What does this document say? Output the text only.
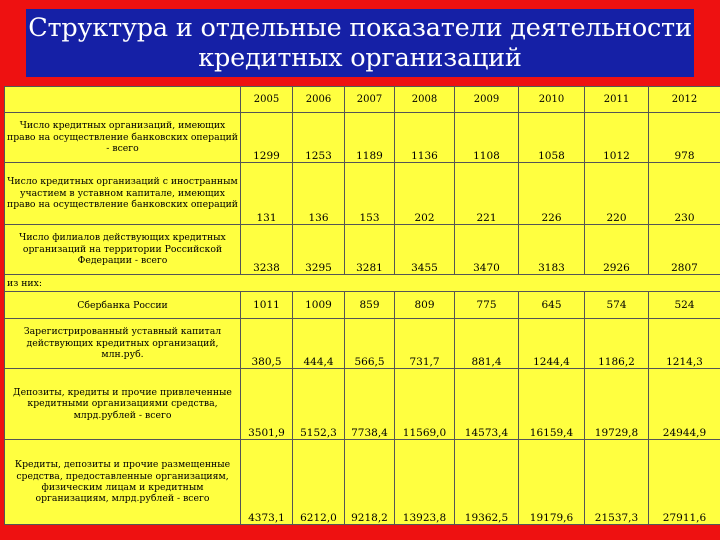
Структура и отдельные показатели деятельности кредитных организаций
	2005	2006	2007	2008	2009	2010	2011	2012
Число кредитных организаций, имеющих право на осуществление банковских операций - всего	1299	1253	1189	1136	1108	1058	1012	978
Число кредитных организаций с иностранным участием в уставном капитале, имеющих право на осуществление банковских операций	131	136	153	202	221	226	220	230
Число филиалов действующих кредитных организаций на территории Российской Федерации - всего	3238	3295	3281	3455	3470	3183	2926	2807
из них:								
Сбербанка России	1011	1009	859	809	775	645	574	524
Зарегистрированный уставный капитал действующих кредитных организаций, млн.руб.	380,5	444,4	566,5	731,7	881,4	1244,4	1186,2	1214,3
Депозиты, кредиты и прочие привлеченные кредитными организациями средства, млрд.рублей - всего	3501,9	5152,3	7738,4	11569,0	14573,4	16159,4	19729,8	24944,9
Кредиты, депозиты и прочие размещенные средства, предоставленные организациям, физическим лицам и кредитным организациям, млрд.рублей - всего	4373,1	6212,0	9218,2	13923,8	19362,5	19179,6	21537,3	27911,6
